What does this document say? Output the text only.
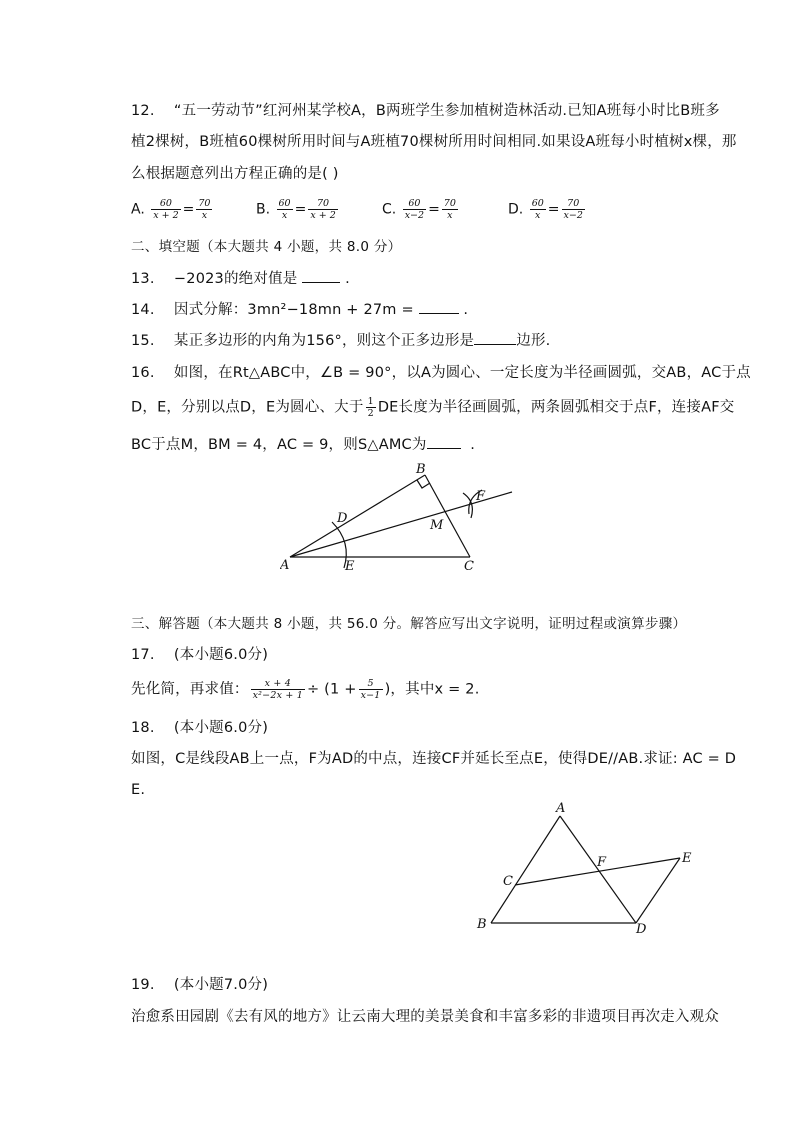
12. “五一劳动节”红河州某学校A，B两班学生参加植树造林活动.已知A班每小时比B班多
植2棵树，B班植60棵树所用时间与A班植70棵树所用时间相同.如果设A班每小时植树x棵，那
么根据题意列出方程正确的是( )
A. $\frac{60}{x + 2} = \frac{70}{x}$	B. $\frac{60}{x} = \frac{70}{x + 2}$	C. $\frac{60}{x-2} = \frac{70}{x}$	D. $\frac{60}{x} = \frac{70}{x-2}$
二、填空题（本大题共 4 小题，共 8.0 分）
13. −2023的绝对值是	.
14. 因式分解：3mn²−18mn + 27m =	.
15. 某正多边形的内角为156°，则这个正多边形是	边形.
16. 如图，在Rt△ABC中，∠B = 90°，以A为圆心、一定长度为半径画圆弧，交AB，AC于点
D，E，分别以点D，E为圆心、大于 $\frac{1}{2}$ DE长度为半径画圆弧，两条圆弧相交于点F，连接AF交
BC于点M，BM = 4，AC = 9，则S△AMC为	.
B
F
D	M
A	E	C
三、解答题（本大题共 8 小题，共 56.0 分。解答应写出文字说明，证明过程或演算步骤）
17. (本小题6.0分)
先化简，再求值： $\frac{x + 4}{\text{x²−2x + 1}} \div (1 + \frac{5}{x-1}$ )，其中x = 2.
18. (本小题6.0分)
如图，C是线段AB上一点，F为AD的中点，连接CF并延长至点E，使得DE//AB.求证: AC = D
E.
A
F	E
C
B	D
19. (本小题7.0分)
治愈系田园剧《去有风的地方》让云南大理的美景美食和丰富多彩的非遗项目再次走入观众
